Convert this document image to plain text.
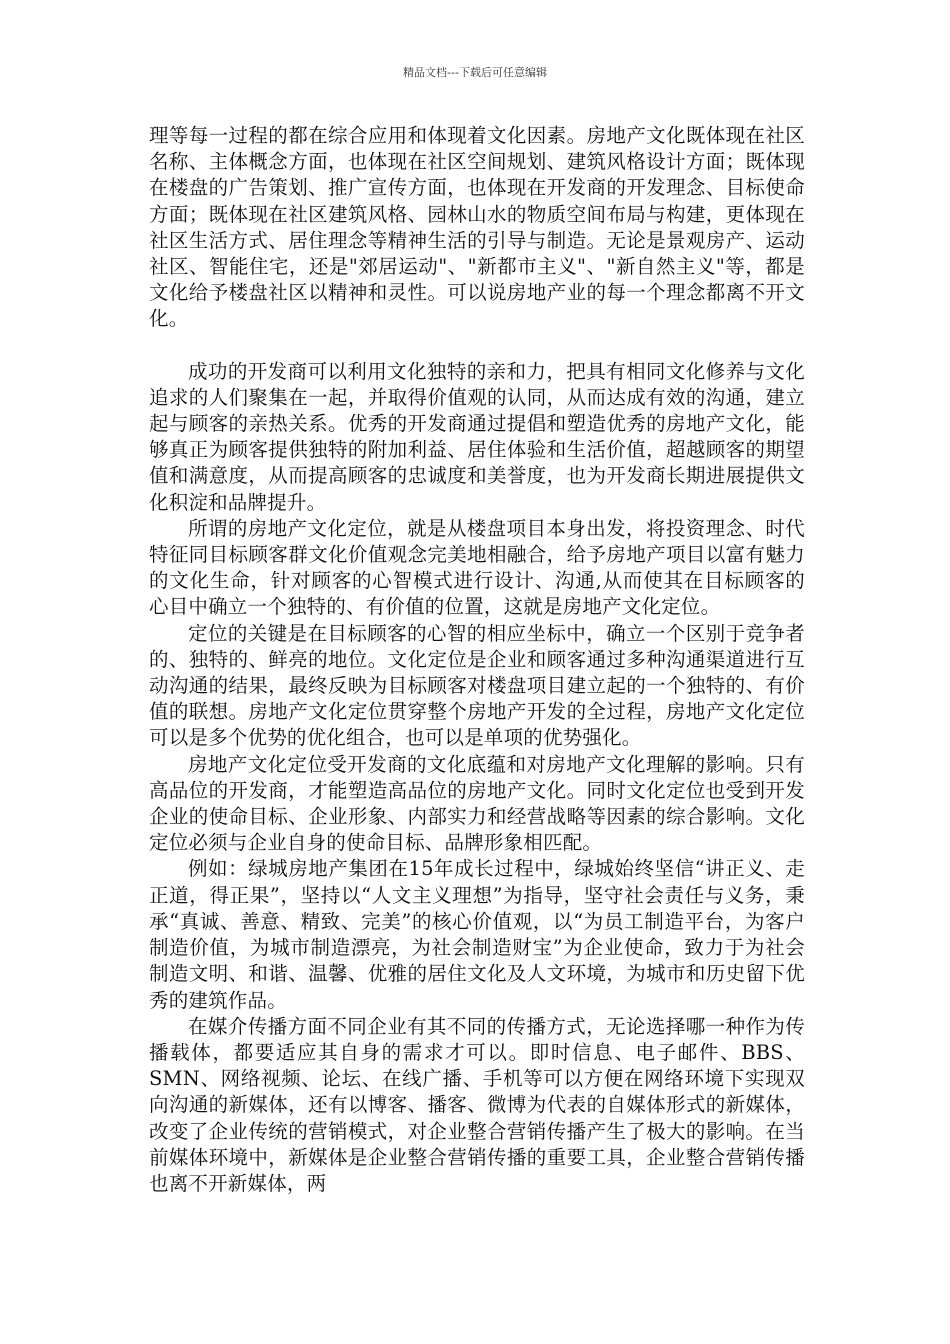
精品文档---下载后可任意编辑

理等每一过程的都在综合应用和体现着文化因素。房地产文化既体现在社区名称、主体概念方面，也体现在社区空间规划、建筑风格设计方面；既体现在楼盘的广告策划、推广宣传方面，也体现在开发商的开发理念、目标使命方面；既体现在社区建筑风格、园林山水的物质空间布局与构建，更体现在社区生活方式、居住理念等精神生活的引导与制造。无论是景观房产、运动社区、智能住宅，还是"郊居运动"、"新都市主义"、"新自然主义"等，都是文化给予楼盘社区以精神和灵性。可以说房地产业的每一个理念都离不开文化。

成功的开发商可以利用文化独特的亲和力，把具有相同文化修养与文化追求的人们聚集在一起，并取得价值观的认同，从而达成有效的沟通，建立起与顾客的亲热关系。优秀的开发商通过提倡和塑造优秀的房地产文化，能够真正为顾客提供独特的附加利益、居住体验和生活价值，超越顾客的期望值和满意度，从而提高顾客的忠诚度和美誉度，也为开发商长期进展提供文化积淀和品牌提升。

所谓的房地产文化定位，就是从楼盘项目本身出发，将投资理念、时代特征同目标顾客群文化价值观念完美地相融合，给予房地产项目以富有魅力的文化生命，针对顾客的心智模式进行设计、沟通,从而使其在目标顾客的心目中确立一个独特的、有价值的位置，这就是房地产文化定位。

定位的关键是在目标顾客的心智的相应坐标中，确立一个区别于竞争者的、独特的、鲜亮的地位。文化定位是企业和顾客通过多种沟通渠道进行互动沟通的结果，最终反映为目标顾客对楼盘项目建立起的一个独特的、有价值的联想。房地产文化定位贯穿整个房地产开发的全过程，房地产文化定位可以是多个优势的优化组合，也可以是单项的优势强化。

房地产文化定位受开发商的文化底蕴和对房地产文化理解的影响。只有高品位的开发商，才能塑造高品位的房地产文化。同时文化定位也受到开发企业的使命目标、企业形象、内部实力和经营战略等因素的综合影响。文化定位必须与企业自身的使命目标、品牌形象相匹配。

例如：绿城房地产集团在15年成长过程中，绿城始终坚信“讲正义、走正道，得正果”，坚持以“人文主义理想”为指导，坚守社会责任与义务，秉承“真诚、善意、精致、完美”的核心价值观，以“为员工制造平台，为客户制造价值，为城市制造漂亮，为社会制造财宝”为企业使命，致力于为社会制造文明、和谐、温馨、优雅的居住文化及人文环境，为城市和历史留下优秀的建筑作品。

在媒介传播方面不同企业有其不同的传播方式，无论选择哪一种作为传播载体，都要适应其自身的需求才可以。即时信息、电子邮件、BBS、SMN、网络视频、论坛、在线广播、手机等可以方便在网络环境下实现双向沟通的新媒体，还有以博客、播客、微博为代表的自媒体形式的新媒体，改变了企业传统的营销模式，对企业整合营销传播产生了极大的影响。在当前媒体环境中，新媒体是企业整合营销传播的重要工具，企业整合营销传播也离不开新媒体，两
